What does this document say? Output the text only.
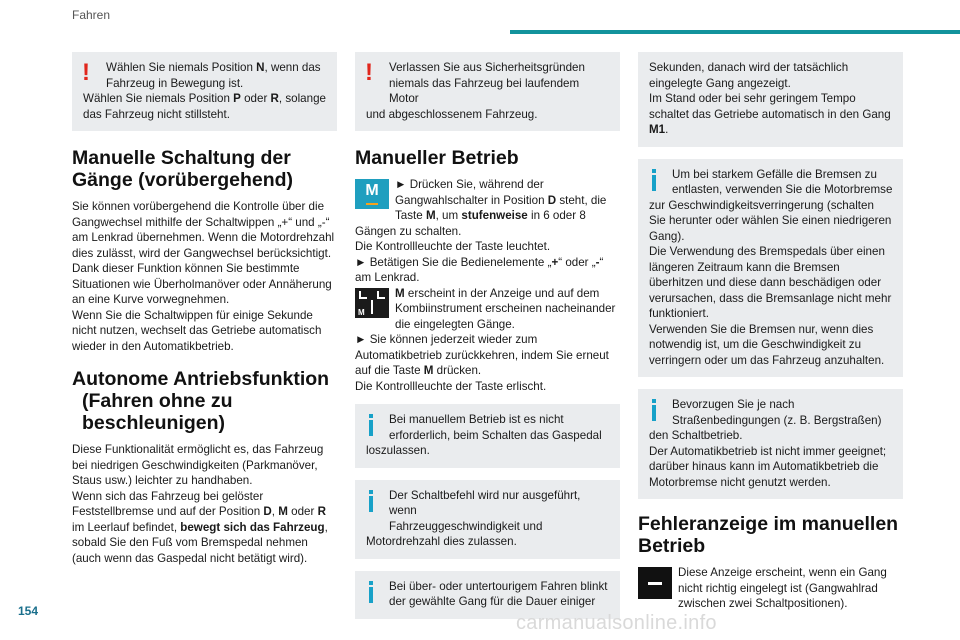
Fahren
!	Wählen Sie niemals Position N, wenn das

Fahrzeug in Bewegung ist.

Wählen Sie niemals Position P oder R, solange

das Fahrzeug nicht stillsteht.

Manuelle Schaltung der
Gänge (vorübergehend)

Sie können vorübergehend die Kontrolle über die Gangwechsel mithilfe der Schaltwippen „+“ und „-“ am Lenkrad übernehmen. Wenn die Motordrehzahl dies zulässt, wird der Gangwechsel berücksichtigt.

Dank dieser Funktion können Sie bestimmte Situationen wie Überholmanöver oder Annäherung an eine Kurve vorwegnehmen.

Wenn Sie die Schaltwippen für einige Sekunde nicht nutzen, wechselt das Getriebe automatisch wieder in den Automatikbetrieb.

Autonome Antriebsfunktion
(Fahren ohne zu
beschleunigen)

Diese Funktionalität ermöglicht es, das Fahrzeug bei niedrigen Geschwindigkeiten (Parkmanöver, Staus usw.) leichter zu handhaben.

Wenn sich das Fahrzeug bei gelöster Feststellbremse und auf der Position D, M oder R im Leerlauf befindet, bewegt sich das Fahrzeug, sobald Sie den Fuß vom Bremspedal nehmen (auch wenn das Gaspedal nicht betätigt wird).

!	Verlassen Sie aus Sicherheitsgründen

niemals das Fahrzeug bei laufendem Motor

und abgeschlossenem Fahrzeug.

Manueller Betrieb
M	► Drücken Sie, während der Gangwahlschalter in Position D steht, die Taste M, um stufenweise in 6 oder 8 Gängen zu schalten.

Die Kontrollleuchte der Taste leuchtet.

► Betätigen Sie die Bedienelemente „+“ oder „-“ am Lenkrad.

M

M erscheint in der Anzeige und auf dem Kombiinstrument erscheinen nacheinander die eingelegten Gänge.

► Sie können jederzeit wieder zum Automatikbetrieb zurückkehren, indem Sie erneut auf die Taste M drücken.

Die Kontrollleuchte der Taste erlischt.

Bei manuellem Betrieb ist es nicht

erforderlich, beim Schalten das Gaspedal

loszulassen.

Der Schaltbefehl wird nur ausgeführt, wenn

Fahrzeuggeschwindigkeit und

Motordrehzahl dies zulassen.

Bei über- oder untertourigem Fahren blinkt

der gewählte Gang für die Dauer einiger

Sekunden, danach wird der tatsächlich

eingelegte Gang angezeigt.

Im Stand oder bei sehr geringem Tempo schaltet das Getriebe automatisch in den Gang M1.

Um bei starkem Gefälle die Bremsen zu

entlasten, verwenden Sie die Motorbremse

zur Geschwindigkeitsverringerung (schalten Sie herunter oder wählen Sie einen niedrigeren Gang).

Die Verwendung des Bremspedals über einen längeren Zeitraum kann die Bremsen überhitzen und diese dann beschädigen oder verursachen, dass die Bremsanlage nicht mehr funktioniert.

Verwenden Sie die Bremsen nur, wenn dies notwendig ist, um die Geschwindigkeit zu verringern oder um das Fahrzeug anzuhalten.

Bevorzugen Sie je nach

Straßenbedingungen (z. B. Bergstraßen)

den Schaltbetrieb.

Der Automatikbetrieb ist nicht immer geeignet; darüber hinaus kann im Automatikbetrieb die Motorbremse nicht genutzt werden.

Fehleranzeige im manuellen
Betrieb

Diese Anzeige erscheint, wenn ein Gang nicht richtig eingelegt ist (Gangwahlrad zwischen zwei Schaltpositionen).

154
carmanualsonline.info
